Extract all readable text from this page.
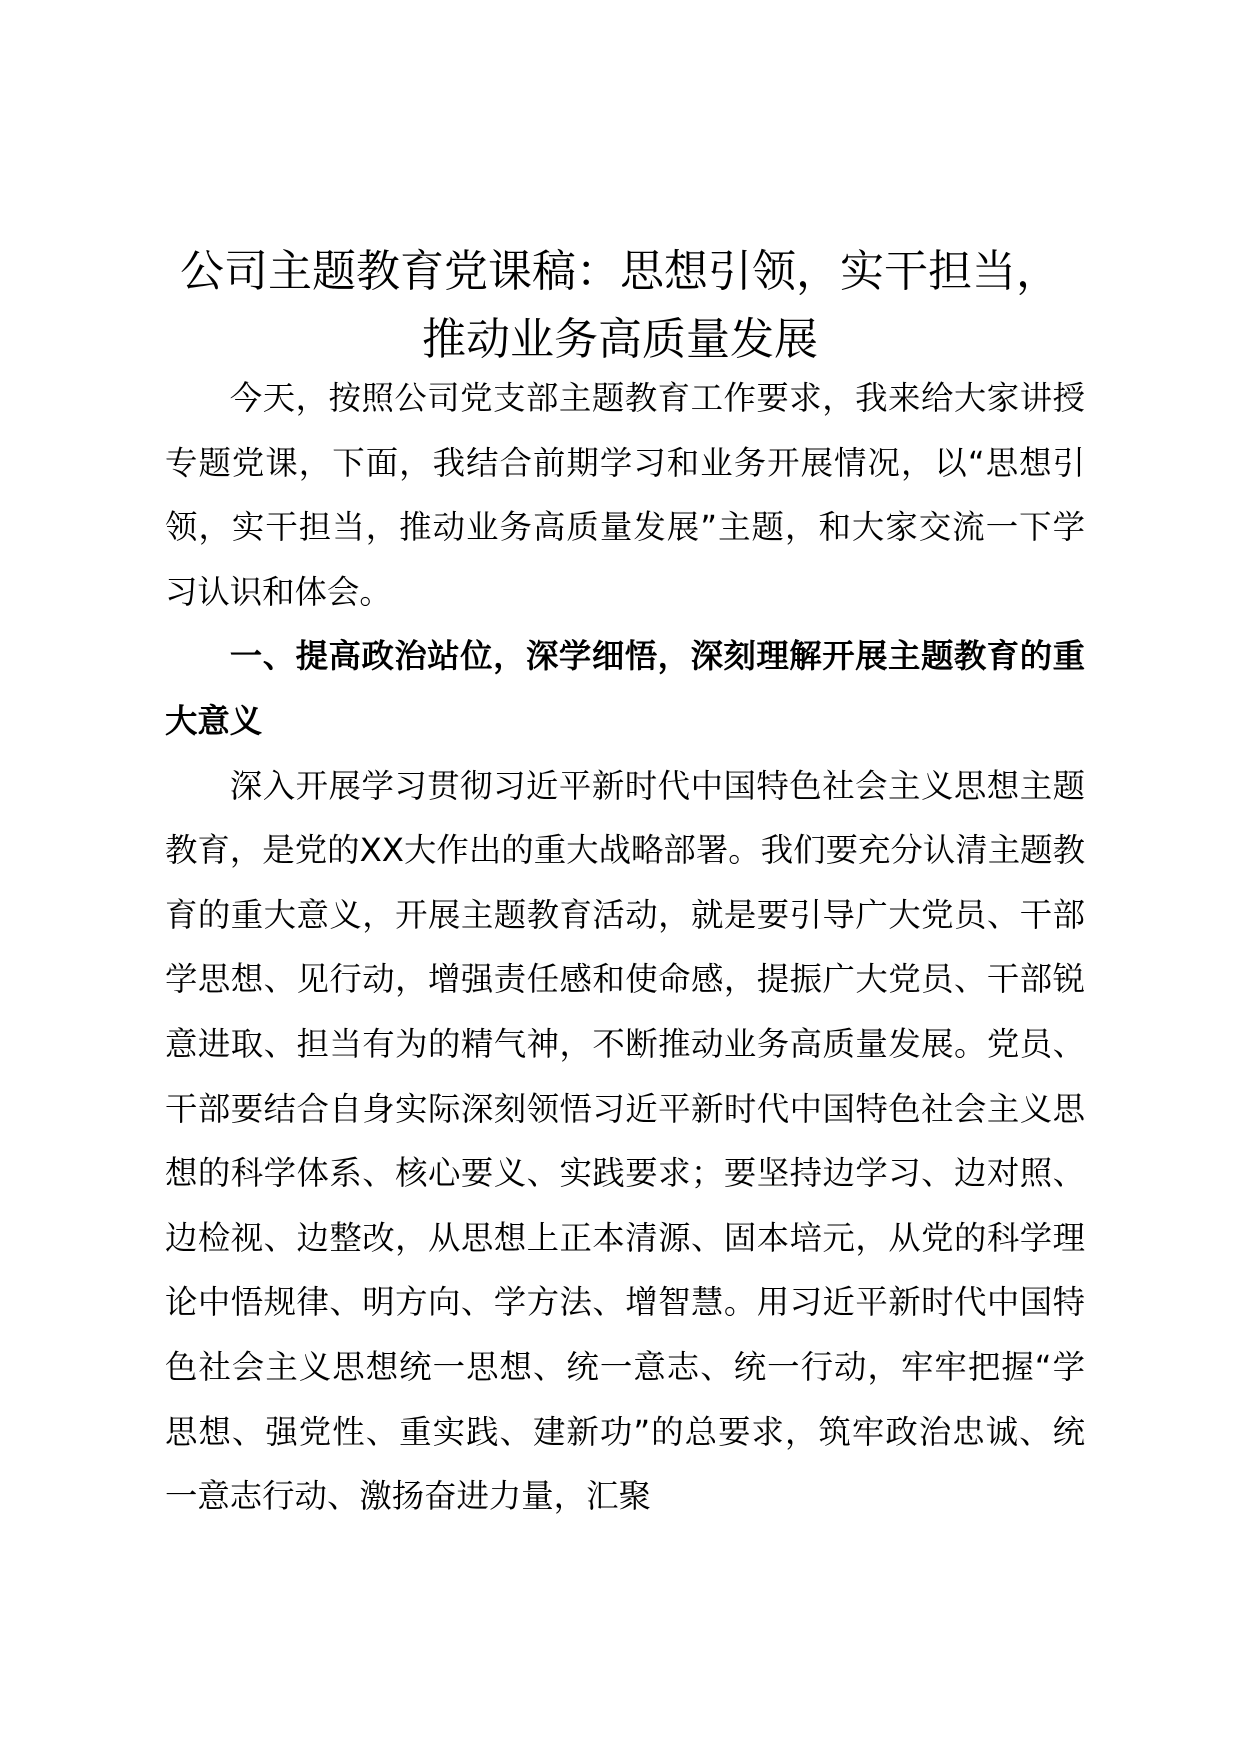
公司主题教育党课稿：思想引领，实干担当，
推动业务高质量发展

今天，按照公司党支部主题教育工作要求，我来给大家讲授专题党课，下面，我结合前期学习和业务开展情况，以“思想引领，实干担当，推动业务高质量发展”主题，和大家交流一下学习认识和体会。

一、提高政治站位，深学细悟，深刻理解开展主题教育的重大意义

深入开展学习贯彻习近平新时代中国特色社会主义思想主题教育，是党的XX大作出的重大战略部署。我们要充分认清主题教育的重大意义，开展主题教育活动，就是要引导广大党员、干部学思想、见行动，增强责任感和使命感，提振广大党员、干部锐意进取、担当有为的精气神，不断推动业务高质量发展。党员、干部要结合自身实际深刻领悟习近平新时代中国特色社会主义思想的科学体系、核心要义、实践要求；要坚持边学习、边对照、边检视、边整改，从思想上正本清源、固本培元，从党的科学理论中悟规律、明方向、学方法、增智慧。用习近平新时代中国特色社会主义思想统一思想、统一意志、统一行动，牢牢把握“学思想、强党性、重实践、建新功”的总要求，筑牢政治忠诚、统一意志行动、激扬奋进力量，汇聚
